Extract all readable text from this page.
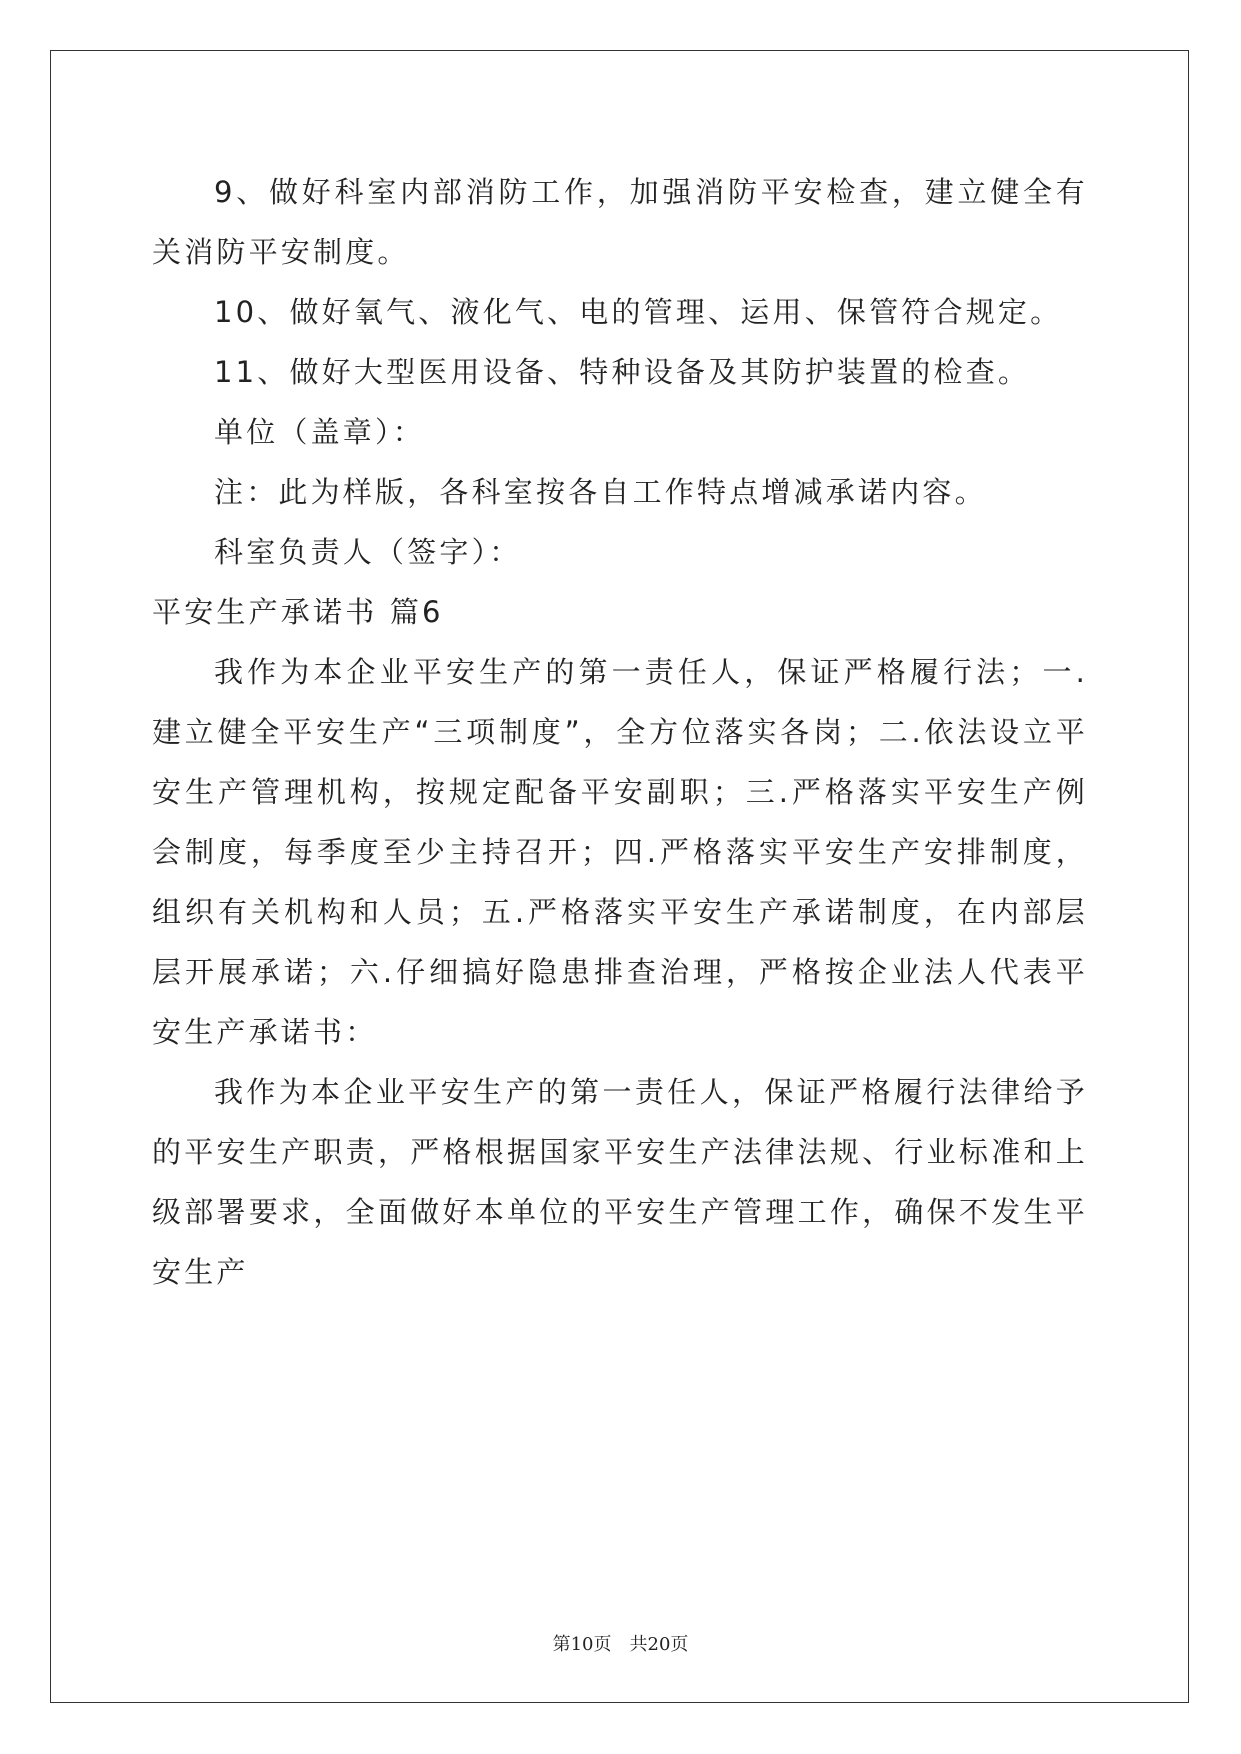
9、做好科室内部消防工作，加强消防平安检查，建立健全有关消防平安制度。

10、做好氧气、液化气、电的管理、运用、保管符合规定。

11、做好大型医用设备、特种设备及其防护装置的检查。

单位（盖章）：

注：此为样版，各科室按各自工作特点增减承诺内容。

科室负责人（签字）：

平安生产承诺书 篇6

我作为本企业平安生产的第一责任人，保证严格履行法；一.建立健全平安生产“三项制度”，全方位落实各岗；二.依法设立平安生产管理机构，按规定配备平安副职；三.严格落实平安生产例会制度，每季度至少主持召开；四.严格落实平安生产安排制度，组织有关机构和人员；五.严格落实平安生产承诺制度，在内部层层开展承诺；六.仔细搞好隐患排查治理，严格按企业法人代表平安生产承诺书：

我作为本企业平安生产的第一责任人，保证严格履行法律给予的平安生产职责，严格根据国家平安生产法律法规、行业标准和上级部署要求，全面做好本单位的平安生产管理工作，确保不发生平安生产

第10页 共20页
